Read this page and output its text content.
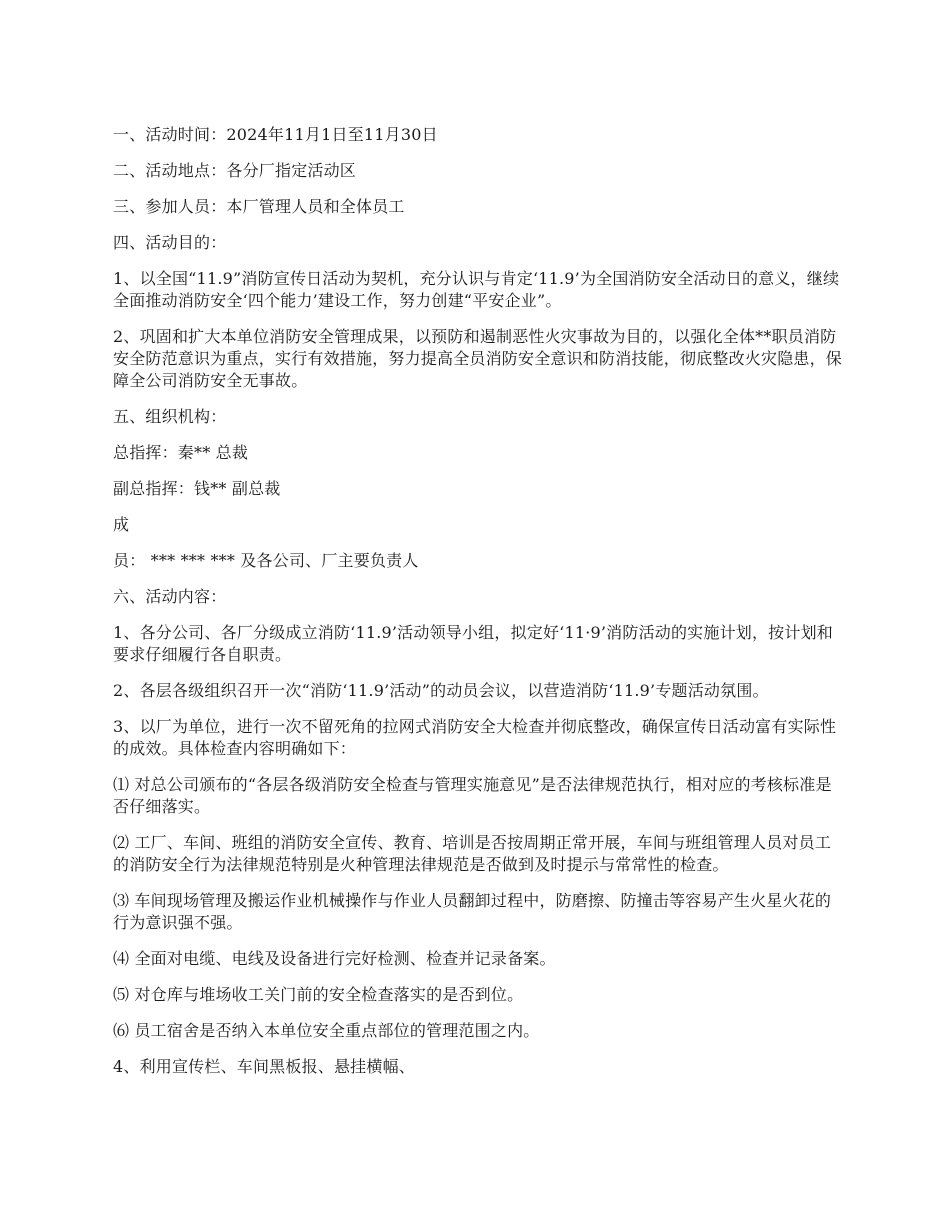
一、活动时间：2024年11月1日至11月30日

二、活动地点：各分厂指定活动区

三、参加人员：本厂管理人员和全体员工

四、活动目的：

1、以全国“11.9”消防宣传日活动为契机，充分认识与肯定‘11.9’为全国消防安全活动日的意义，继续全面推动消防安全‘四个能力’建设工作，努力创建“平安企业”。

2、巩固和扩大本单位消防安全管理成果，以预防和遏制恶性火灾事故为目的，以强化全体**职员消防安全防范意识为重点，实行有效措施，努力提高全员消防安全意识和防消技能，彻底整改火灾隐患，保障全公司消防安全无事故。

五、组织机构：

总指挥：秦** 总裁

副总指挥：钱** 副总裁

成

员： *** *** *** 及各公司、厂主要负责人

六、活动内容：

1、各分公司、各厂分级成立消防‘11.9’活动领导小组，拟定好‘11·9’消防活动的实施计划，按计划和要求仔细履行各自职责。

2、各层各级组织召开一次“消防‘11.9’活动”的动员会议，以营造消防‘11.9’专题活动氛围。

3、以厂为单位，进行一次不留死角的拉网式消防安全大检查并彻底整改，确保宣传日活动富有实际性的成效。具体检查内容明确如下：

⑴ 对总公司颁布的“各层各级消防安全检查与管理实施意见”是否法律规范执行，相对应的考核标准是否仔细落实。

⑵ 工厂、车间、班组的消防安全宣传、教育、培训是否按周期正常开展，车间与班组管理人员对员工的消防安全行为法律规范特别是火种管理法律规范是否做到及时提示与常常性的检查。

⑶ 车间现场管理及搬运作业机械操作与作业人员翻卸过程中，防磨擦、防撞击等容易产生火星火花的行为意识强不强。

⑷ 全面对电缆、电线及设备进行完好检测、检查并记录备案。

⑸ 对仓库与堆场收工关门前的安全检查落实的是否到位。

⑹ 员工宿舍是否纳入本单位安全重点部位的管理范围之内。

4、利用宣传栏、车间黑板报、悬挂横幅、
